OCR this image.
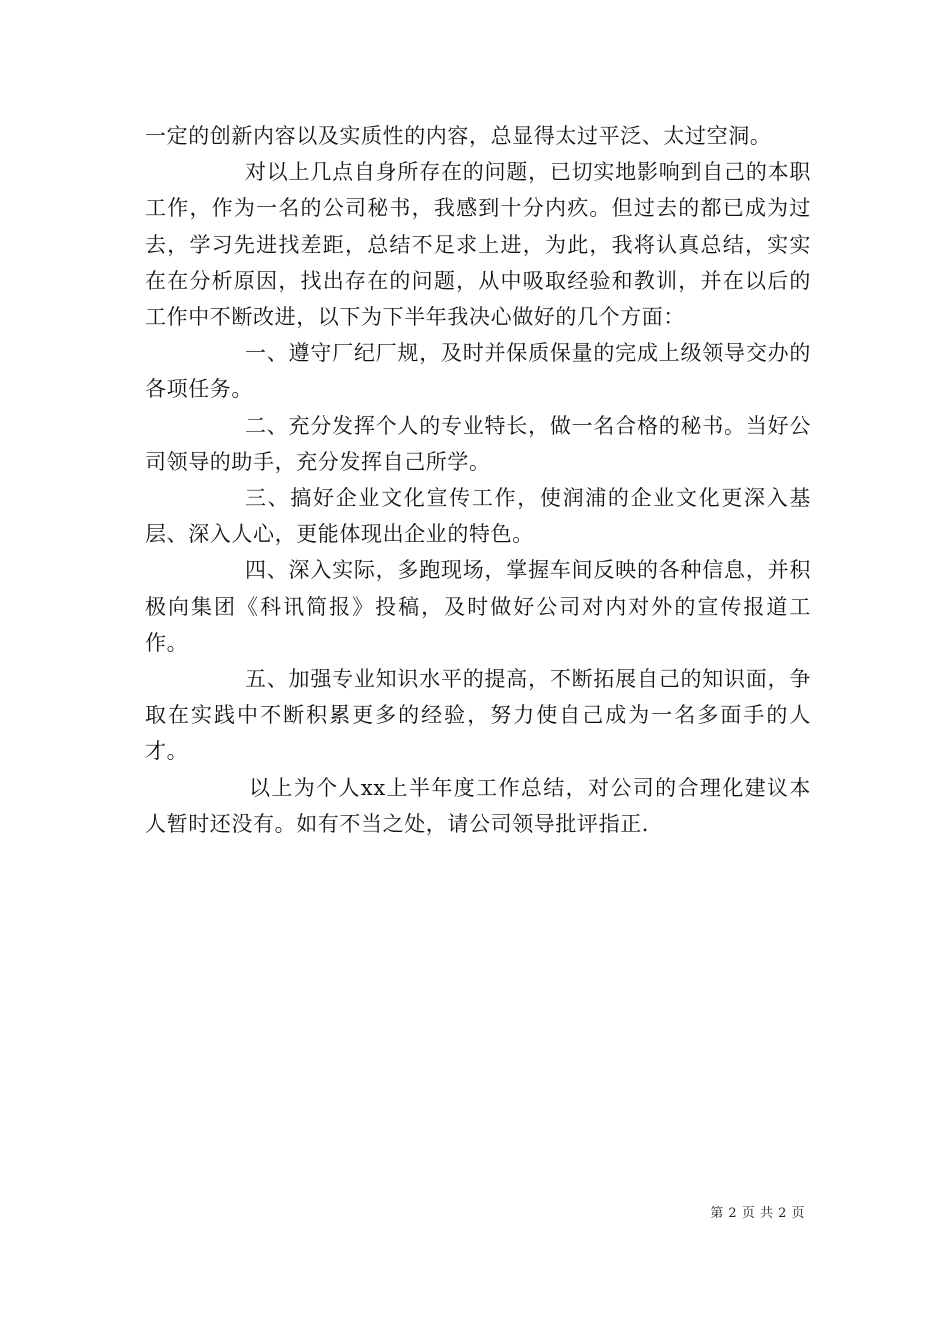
一定的创新内容以及实质性的内容，总显得太过平泛、太过空洞。

对以上几点自身所存在的问题，已切实地影响到自己的本职工作，作为一名的公司秘书，我感到十分内疚。但过去的都已成为过去，学习先进找差距，总结不足求上进，为此，我将认真总结，实实在在分析原因，找出存在的问题，从中吸取经验和教训，并在以后的工作中不断改进，以下为下半年我决心做好的几个方面：

一、遵守厂纪厂规，及时并保质保量的完成上级领导交办的各项任务。

二、充分发挥个人的专业特长，做一名合格的秘书。当好公司领导的助手，充分发挥自己所学。

三、搞好企业文化宣传工作，使润浦的企业文化更深入基层、深入人心，更能体现出企业的特色。

四、深入实际，多跑现场，掌握车间反映的各种信息，并积极向集团《科讯简报》投稿，及时做好公司对内对外的宣传报道工作。

五、加强专业知识水平的提高，不断拓展自己的知识面，争取在实践中不断积累更多的经验，努力使自己成为一名多面手的人才。

以上为个人xx上半年度工作总结，对公司的合理化建议本人暂时还没有。如有不当之处，请公司领导批评指正.

第 2 页 共 2 页
